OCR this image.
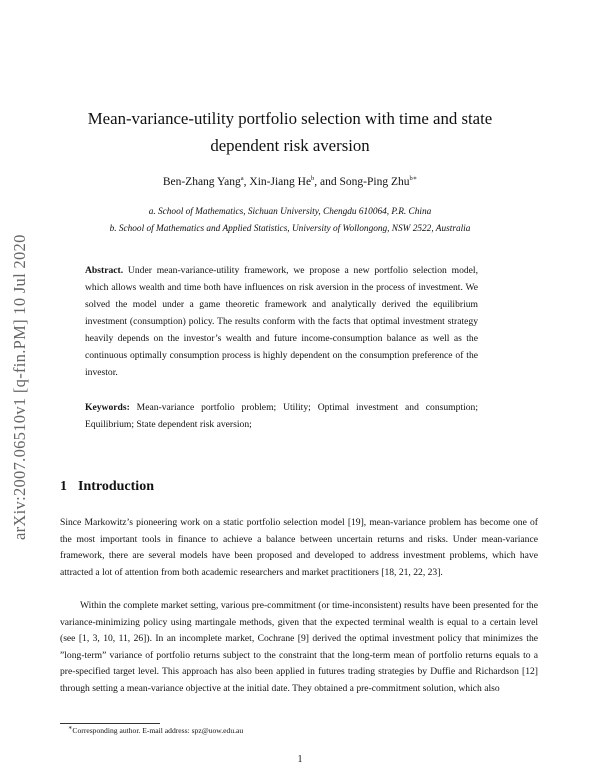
arXiv:2007.06510v1 [q-fin.PM] 10 Jul 2020
Mean-variance-utility portfolio selection with time and state
dependent risk aversion
Ben-Zhang Yang$^a$, Xin-Jiang He$^b$, and Song-Ping Zhu$^{b∗}$
a. School of Mathematics, Sichuan University, Chengdu 610064, P.R. China
b. School of Mathematics and Applied Statistics, University of Wollongong, NSW 2522, Australia

Abstract. Under mean-variance-utility framework, we propose a new portfolio selection model, which allows wealth and time both have influences on risk aversion in the process of investment. We solved the model under a game theoretic framework and analytically derived the equilibrium investment (consumption) policy. The results conform with the facts that optimal investment strategy heavily depends on the investor’s wealth and future income-consumption balance as well as the continuous optimally consumption process is highly dependent on the consumption preference of the investor.

Keywords: Mean-variance portfolio problem; Utility; Optimal investment and consumption; Equilibrium; State dependent risk aversion;

1 Introduction

Since Markowitz’s pioneering work on a static portfolio selection model [19], mean-variance problem has become one of the most important tools in finance to achieve a balance between uncertain returns and risks. Under mean-variance framework, there are several models have been proposed and developed to address investment problems, which have attracted a lot of attention from both academic researchers and market practitioners [18, 21, 22, 23].

Within the complete market setting, various pre-commitment (or time-inconsistent) results have been presented for the variance-minimizing policy using martingale methods, given that the expected terminal wealth is equal to a certain level (see [1, 3, 10, 11, 26]). In an incomplete market, Cochrane [9] derived the optimal investment policy that minimizes the ”long-term” variance of portfolio returns subject to the constraint that the long-term mean of portfolio returns equals to a pre-specified target level. This approach has also been applied in futures trading strategies by Duffie and Richardson [12] through setting a mean-variance objective at the initial date. They obtained a pre-commitment solution, which also

∗Corresponding author. E-mail address: spz@uow.edu.au
1
